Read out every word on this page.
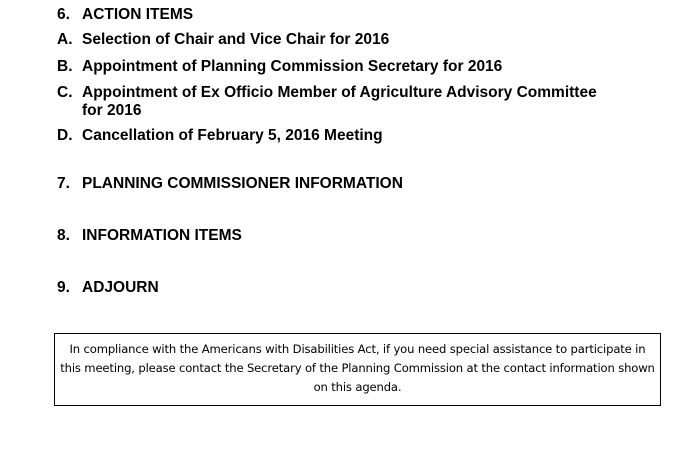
6. ACTION ITEMS
A. Selection of Chair and Vice Chair for 2016
B. Appointment of Planning Commission Secretary for 2016
C. Appointment of Ex Officio Member of Agriculture Advisory Committee for 2016
D. Cancellation of February 5, 2016 Meeting
7. PLANNING COMMISSIONER INFORMATION
8. INFORMATION ITEMS
9. ADJOURN
In compliance with the Americans with Disabilities Act, if you need special assistance to participate in this meeting, please contact the Secretary of the Planning Commission at the contact information shown on this agenda.
